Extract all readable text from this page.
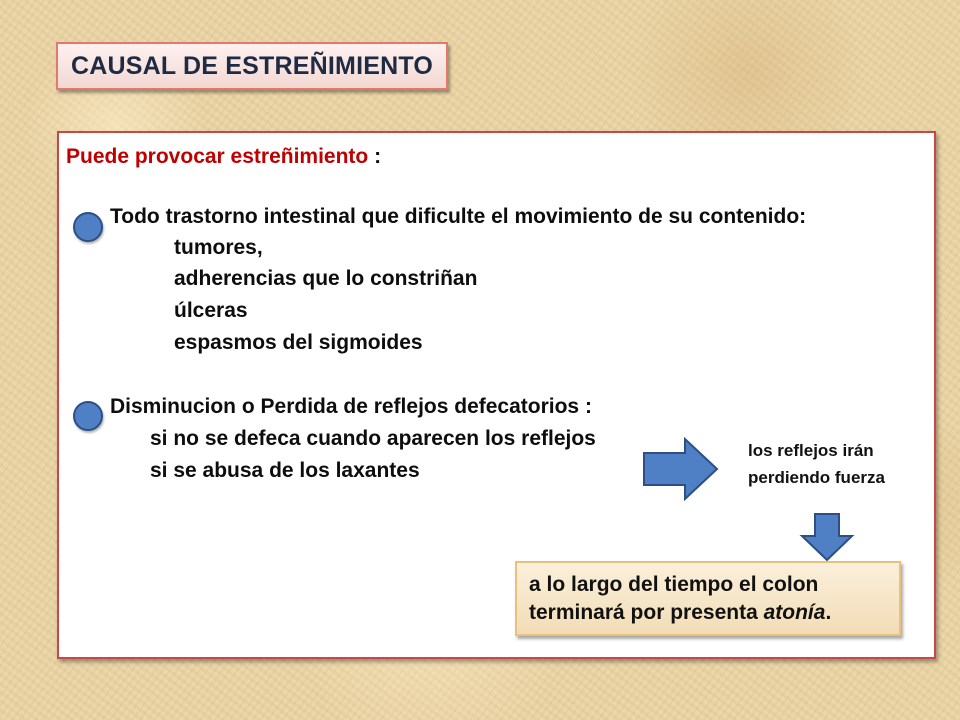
CAUSAL DE ESTREÑIMIENTO
Puede provocar estreñimiento :
Todo trastorno intestinal que dificulte el movimiento de su contenido:
tumores,
adherencias que lo constriñan
úlceras
espasmos del sigmoides
Disminucion o Perdida de reflejos defecatorios :
si no se defeca cuando aparecen los reflejos
si se abusa de los laxantes
los reflejos irán
perdiendo fuerza
a lo largo del tiempo el colon
terminará por presenta atonía.
